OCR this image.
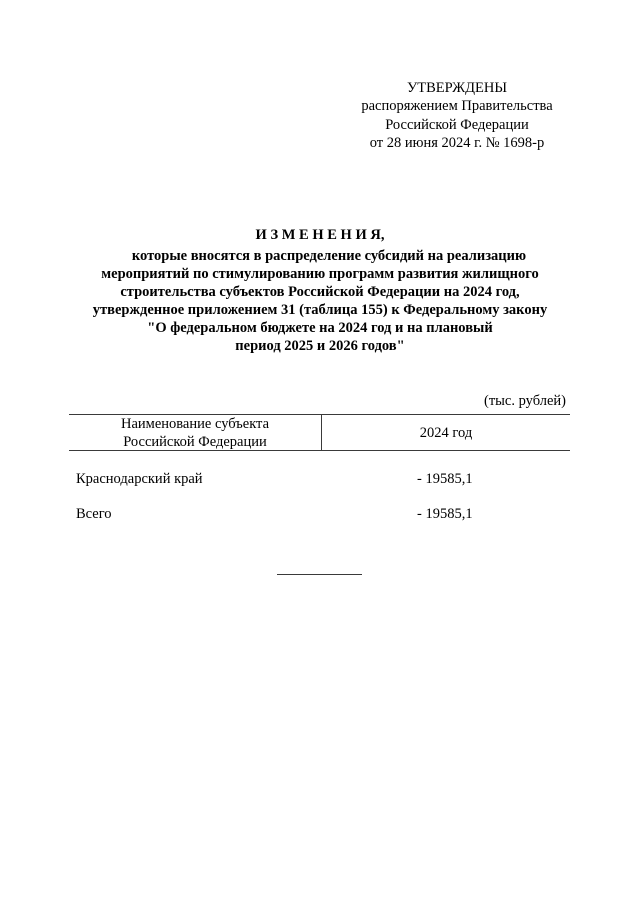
УТВЕРЖДЕНЫ
распоряжением Правительства
Российской Федерации
от 28 июня 2024 г. № 1698-р
И З М Е Н Е Н И Я,
которые вносятся в распределение субсидий на реализацию
мероприятий по стимулированию программ развития жилищного
строительства субъектов Российской Федерации на 2024 год,
утвержденное приложением 31 (таблица 155) к Федеральному закону
"О федеральном бюджете на 2024 год и на плановый
период 2025 и 2026 годов"
(тыс. рублей)
Наименование субъекта
Российской Федерации
2024 год
Краснодарский край	- 19585,1
Всего	- 19585,1
